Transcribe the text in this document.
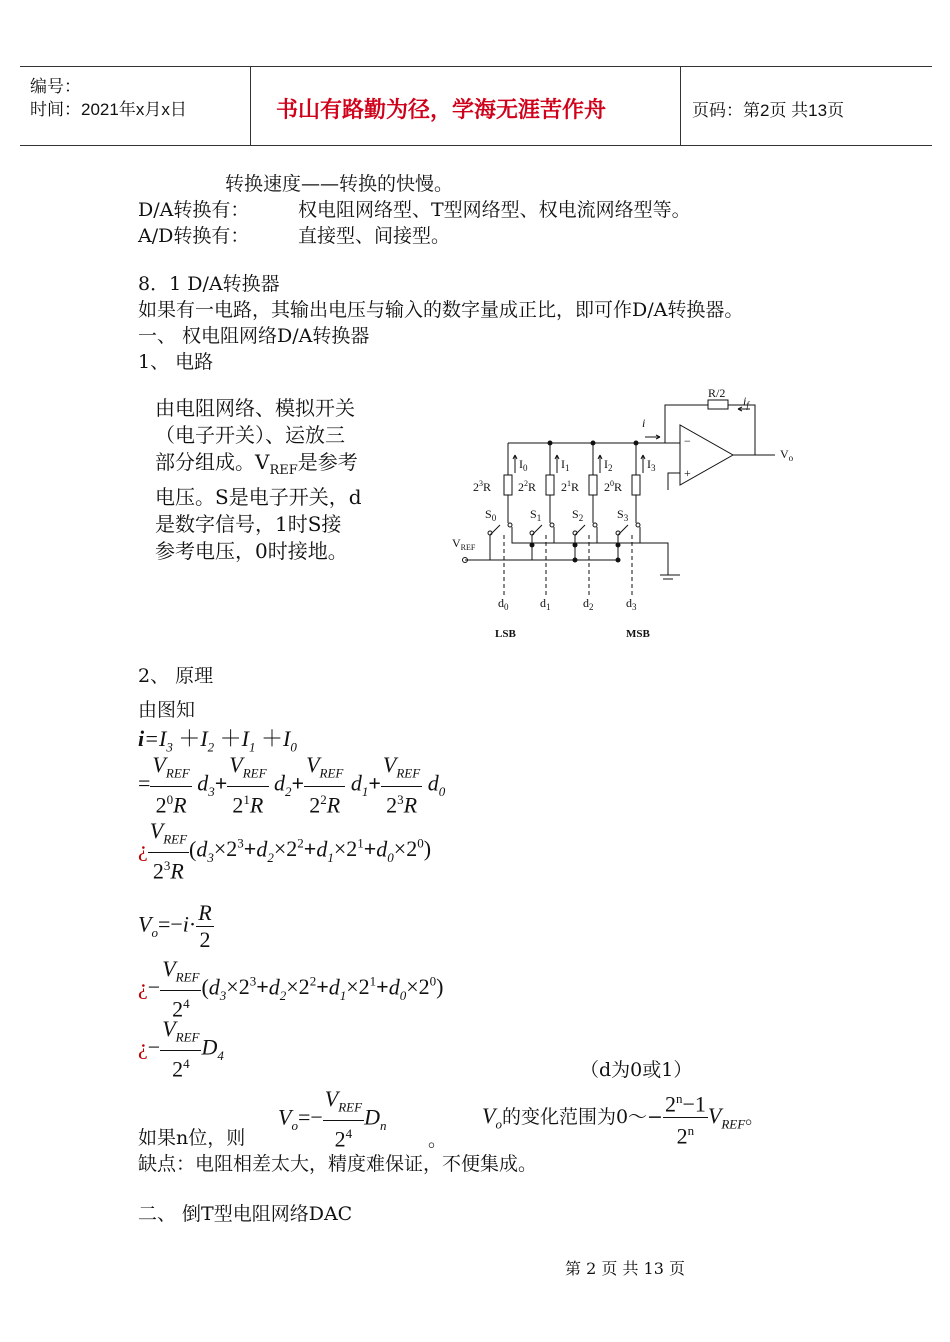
编号：
时间：2021年x月x日	书山有路勤为径，学海无涯苦作舟	页码：第2页 共13页
转换速度——转换的快慢。
D/A转换有：	权电阻网络型、T型网络型、权电流网络型等。
A/D转换有：	直接型、间接型。
8．1 D/A转换器
如果有一电路，其输出电压与输入的数字量成正比，即可作D/A转换器。
一、 权电阻网络D/A转换器
1、 电路
由电阻网络、模拟开关
（电子开关）、运放三
部分组成。$V_{REF}$是参考
电压。S是电子开关，d
是数字信号，1时S接
参考电压，0时接地。
R/2
$i_f$
−
+
$V_o$
i
$I_0$	$I_1$	$I_2$	$I_3$
$2^3R$ $2^2R$ $2^1R$ $2^0R$
$S_0$	$S_1$	$S_2$	$S_3$
$V_{REF}$
$d_0$	$d_1$	$d_2$	$d_3$
LSB	MSB
2、 原理
由图知
$i=I_3 +I_2 +I_1 +I_0$
= $\frac{V_{REF}}{2^0R} d_3+ \frac{V_{REF}}{2^1R} d_2+ \frac{V_{REF}}{2^2R} d_1+ \frac{V_{REF}}{2^3R} d_0$
¿ $\frac{V_{REF}}{2^3R} (d_3\times 2^3+d_2\times 2^2+d_1\times 2^1+d_0\times 2^0)$
$V_o=-i\cdot \frac{R}{2}$
¿− $\frac{V_{REF}}{2^4} (d_3\times 2^3+d_2\times 2^2+d_1\times 2^1+d_0\times 2^0)$
¿− $\frac{V_{REF}}{2^4} D_4$
（d为0或1）
$V_o=- \frac{V_{REF}}{2^4} D_n$
。
$V_o$的变化范围为0～− $\frac{2^n-1}{2^n} V_{REF}$。
如果n位，则
缺点：电阻相差太大，精度难保证，不便集成。
二、 倒T型电阻网络DAC
第 2 页 共 13 页
